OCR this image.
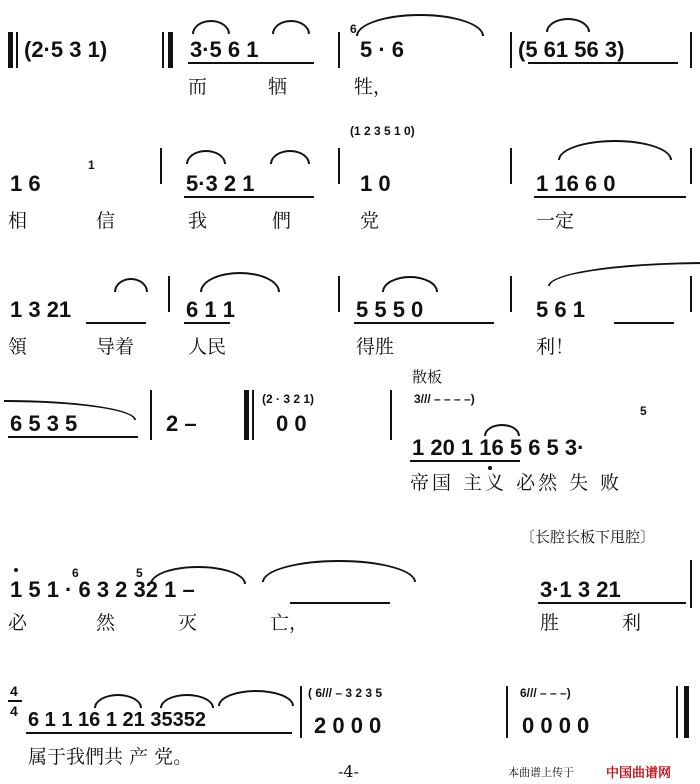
(2·5 3 1)	3·5 6 1
6
5 · 6	(5 61 56 3)
而	牺	牲，
1 6
1
5·3 2 1
(1 2 3 5 1 0)
1 0	1 16 6 0
相	信	我	們	党	一定
1 3 21	6 1 1	5 5 5 0	5 6 1
領	导着	人民	得胜	利！
6 5 3 5	2 –
(2 · 3 2 1)
0 0
散板
3/// – – – –)
5
1 20 1 16 5 6 5 3·
帝国 主义 必然 失 败
〔长腔长板下甩腔〕
6	5
1 5 1 · 6 3 2 32 1 –	3·1 3 21
必	然	灭	亡，	胜	利
4
4 6 1 1 16 1 21 35352
( 6/// – 3 2 3 5
2 0 0 0
6/// – – –)
0 0 0 0
属于我們共 产 党。
-4-	本曲谱上传于 中国曲谱网
